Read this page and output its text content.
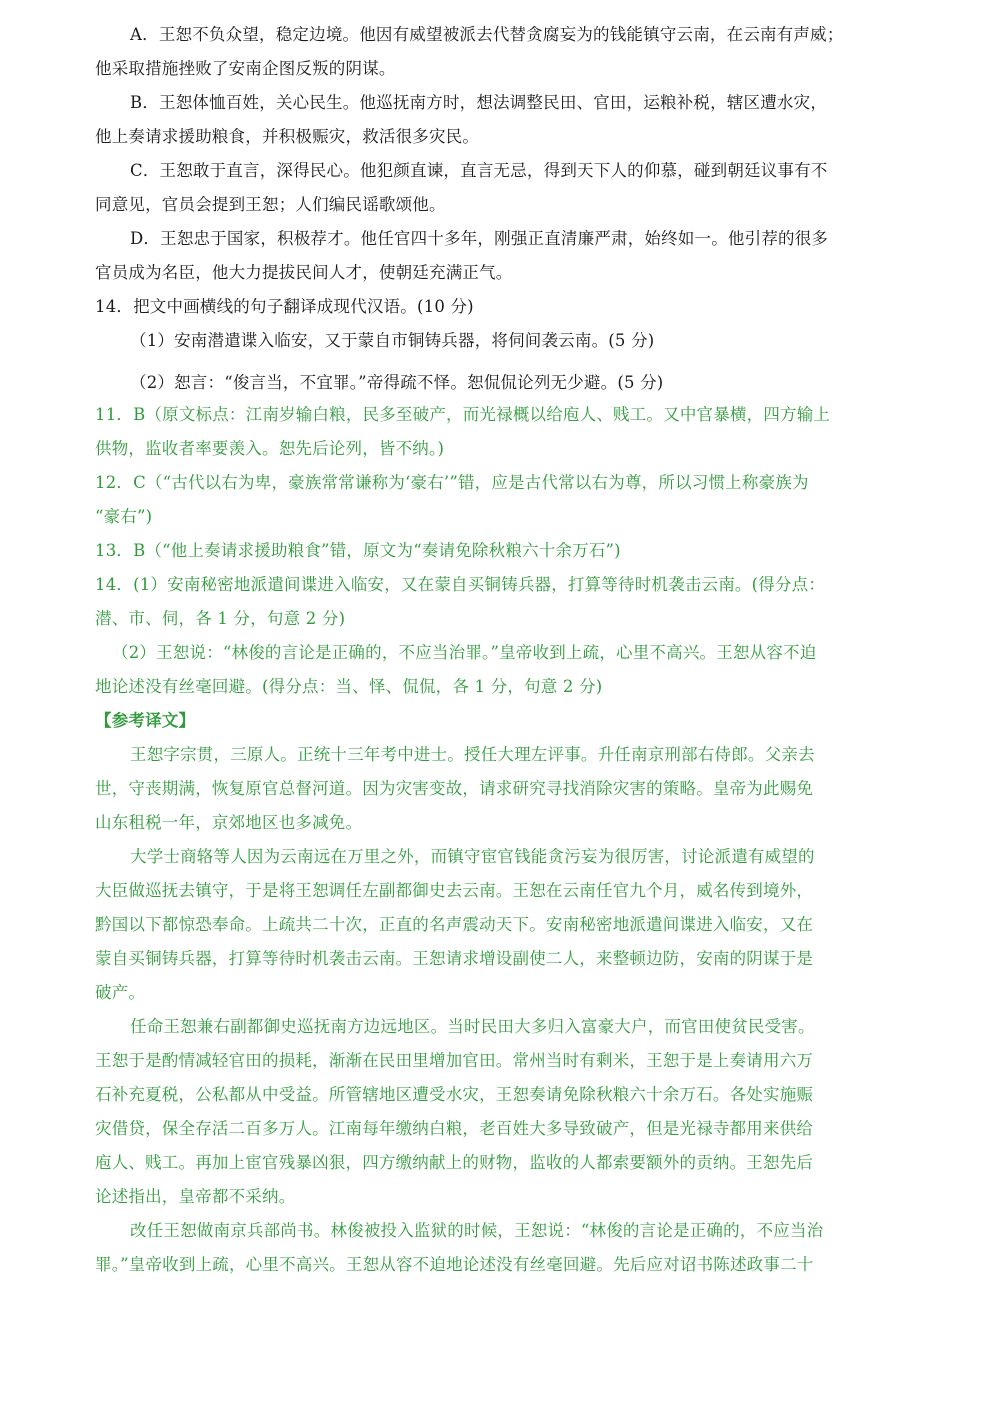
A．王恕不负众望，稳定边境。他因有威望被派去代替贪腐妄为的钱能镇守云南，在云南有声威；
他采取措施挫败了安南企图反叛的阴谋。
B．王恕体恤百姓，关心民生。他巡抚南方时，想法调整民田、官田，运粮补税，辖区遭水灾，
他上奏请求援助粮食，并积极赈灾，救活很多灾民。
C．王恕敢于直言，深得民心。他犯颜直谏，直言无忌，得到天下人的仰慕，碰到朝廷议事有不
同意见，官员会提到王恕；人们编民谣歌颂他。
D．王恕忠于国家，积极荐才。他任官四十多年，刚强正直清廉严肃，始终如一。他引荐的很多
官员成为名臣，他大力提拔民间人才，使朝廷充满正气。
14．把文中画横线的句子翻译成现代汉语。(10 分)
（1）安南潜遣谍入临安，又于蒙自市铜铸兵器，将伺间袭云南。(5 分)
（2）恕言：“俊言当，不宜罪。”帝得疏不怿。恕侃侃论列无少避。(5 分)
11．B（原文标点：江南岁输白粮，民多至破产，而光禄概以给庖人、贱工。又中官暴横，四方输上
供物，监收者率要羡入。恕先后论列，皆不纳。)
12．C（“古代以右为卑，豪族常常谦称为‘豪右’”错，应是古代常以右为尊，所以习惯上称豪族为
“豪右”)
13．B（“他上奏请求援助粮食”错，原文为“奏请免除秋粮六十余万石”)
14．(1）安南秘密地派遣间谍进入临安，又在蒙自买铜铸兵器，打算等待时机袭击云南。(得分点：
潜、市、伺，各 1 分，句意 2 分)
（2）王恕说：“林俊的言论是正确的，不应当治罪。”皇帝收到上疏，心里不高兴。王恕从容不迫
地论述没有丝毫回避。(得分点：当、怿、侃侃，各 1 分，句意 2 分)
【参考译文】
王恕字宗贯，三原人。正统十三年考中进士。授任大理左评事。升任南京刑部右侍郎。父亲去
世，守丧期满，恢复原官总督河道。因为灾害变故，请求研究寻找消除灾害的策略。皇帝为此赐免
山东租税一年，京郊地区也多减免。
大学士商辂等人因为云南远在万里之外，而镇守宦官钱能贪污妄为很厉害，讨论派遣有威望的
大臣做巡抚去镇守，于是将王恕调任左副都御史去云南。王恕在云南任官九个月，威名传到境外，
黔国以下都惊恐奉命。上疏共二十次，正直的名声震动天下。安南秘密地派遣间谍进入临安，又在
蒙自买铜铸兵器，打算等待时机袭击云南。王恕请求增设副使二人，来整顿边防，安南的阴谋于是
破产。
任命王恕兼右副都御史巡抚南方边远地区。当时民田大多归入富豪大户，而官田使贫民受害。
王恕于是酌情减轻官田的损耗，渐渐在民田里增加官田。常州当时有剩米，王恕于是上奏请用六万
石补充夏税，公私都从中受益。所管辖地区遭受水灾，王恕奏请免除秋粮六十余万石。各处实施赈
灾借贷，保全存活二百多万人。江南每年缴纳白粮，老百姓大多导致破产，但是光禄寺都用来供给
庖人、贱工。再加上宦官残暴凶狠，四方缴纳献上的财物，监收的人都索要额外的贡纳。王恕先后
论述指出，皇帝都不采纳。
改任王恕做南京兵部尚书。林俊被投入监狱的时候，王恕说：“林俊的言论是正确的，不应当治
罪。”皇帝收到上疏，心里不高兴。王恕从容不迫地论述没有丝毫回避。先后应对诏书陈述政事二十
